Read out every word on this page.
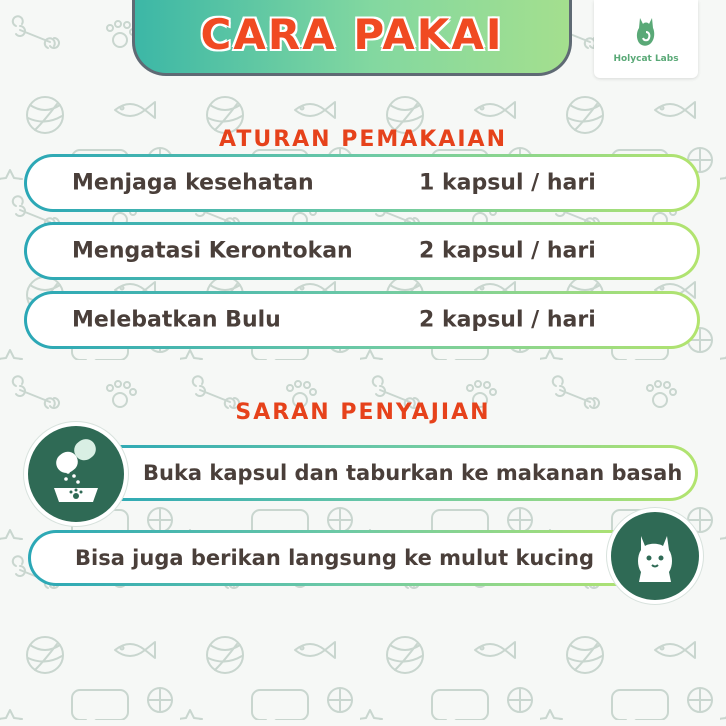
CARA PAKAI	Holycat Labs
ATURAN PEMAKAIAN
Menjaga kesehatan	1 kapsul / hari
Mengatasi Kerontokan	2 kapsul / hari
Melebatkan Bulu	2 kapsul / hari
SARAN PENYAJIAN
Buka kapsul dan taburkan ke makanan basah
Bisa juga berikan langsung ke mulut kucing
